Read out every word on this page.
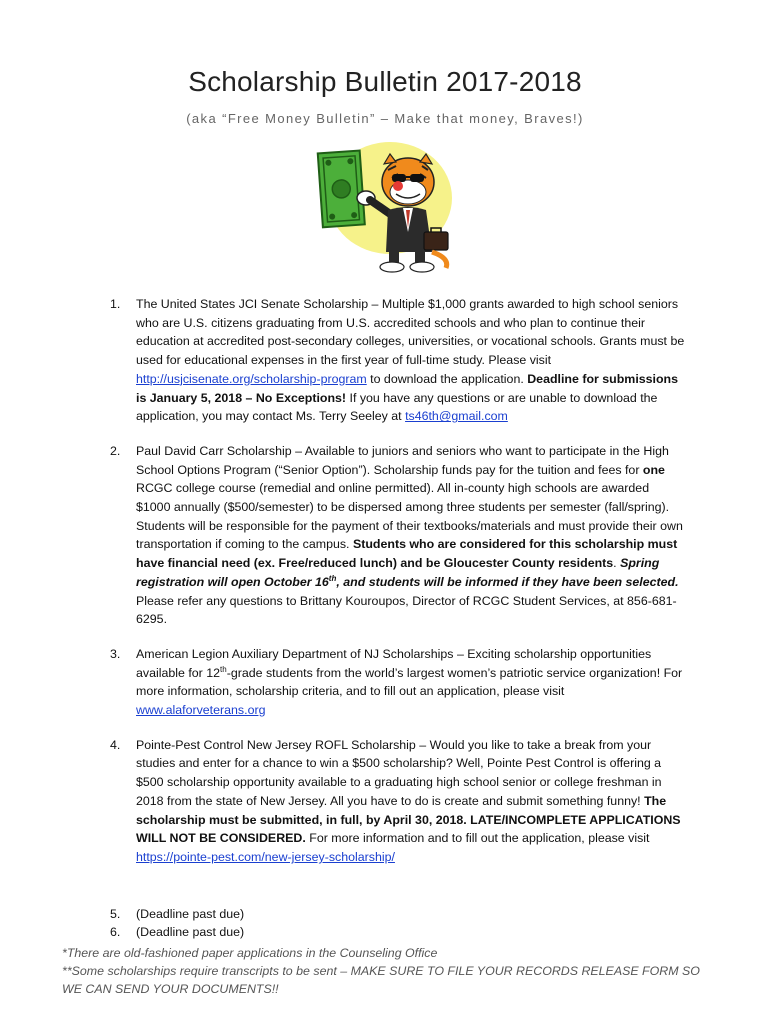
Scholarship Bulletin 2017-2018
(aka “Free Money Bulletin” – Make that money, Braves!)
1. The United States JCI Senate Scholarship – Multiple $1,000 grants awarded to high school seniors who are U.S. citizens graduating from U.S. accredited schools and who plan to continue their education at accredited post-secondary colleges, universities, or vocational schools. Grants must be used for educational expenses in the first year of full-time study. Please visit http://usjcisenate.org/scholarship-program to download the application. Deadline for submissions is January 5, 2018 – No Exceptions! If you have any questions or are unable to download the application, you may contact Ms. Terry Seeley at ts46th@gmail.com
2. Paul David Carr Scholarship – Available to juniors and seniors who want to participate in the High School Options Program (“Senior Option”). Scholarship funds pay for the tuition and fees for one RCGC college course (remedial and online permitted). All in-county high schools are awarded $1000 annually ($500/semester) to be dispersed among three students per semester (fall/spring). Students will be responsible for the payment of their textbooks/materials and must provide their own transportation if coming to the campus. Students who are considered for this scholarship must have financial need (ex. Free/reduced lunch) and be Gloucester County residents. Spring registration will open October 16th, and students will be informed if they have been selected. Please refer any questions to Brittany Kouroupos, Director of RCGC Student Services, at 856-681-6295.
3. American Legion Auxiliary Department of NJ Scholarships – Exciting scholarship opportunities available for 12th-grade students from the world’s largest women’s patriotic service organization! For more information, scholarship criteria, and to fill out an application, please visit www.alaforveterans.org
4. Pointe-Pest Control New Jersey ROFL Scholarship – Would you like to take a break from your studies and enter for a chance to win a $500 scholarship? Well, Pointe Pest Control is offering a $500 scholarship opportunity available to a graduating high school senior or college freshman in 2018 from the state of New Jersey. All you have to do is create and submit something funny! The scholarship must be submitted, in full, by April 30, 2018. LATE/INCOMPLETE APPLICATIONS WILL NOT BE CONSIDERED. For more information and to fill out the application, please visit https://pointe-pest.com/new-jersey-scholarship/
5. (Deadline past due)
6. (Deadline past due)
*There are old-fashioned paper applications in the Counseling Office
**Some scholarships require transcripts to be sent – MAKE SURE TO FILE YOUR RECORDS RELEASE FORM SO WE CAN SEND YOUR DOCUMENTS!!
